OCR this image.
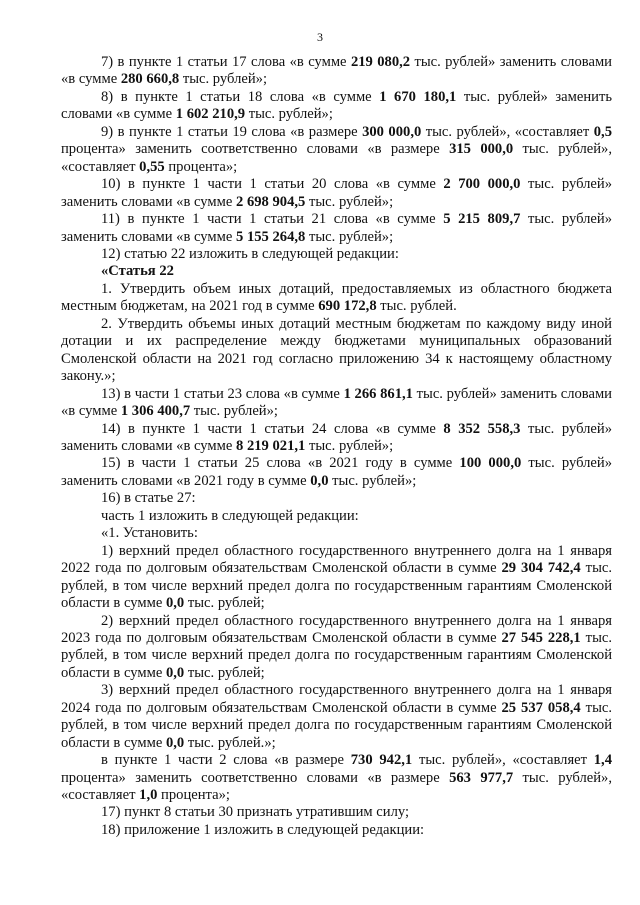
3

7) в пункте 1 статьи 17 слова «в сумме 219 080,2 тыс. рублей» заменить словами «в сумме 280 660,8 тыс. рублей»;

8) в пункте 1 статьи 18 слова «в сумме 1 670 180,1 тыс. рублей» заменить словами «в сумме 1 602 210,9 тыс. рублей»;

9) в пункте 1 статьи 19 слова «в размере 300 000,0 тыс. рублей», «составляет 0,5 процента» заменить соответственно словами «в размере 315 000,0 тыс. рублей», «составляет 0,55 процента»;

10) в пункте 1 части 1 статьи 20 слова «в сумме 2 700 000,0 тыс. рублей» заменить словами «в сумме 2 698 904,5 тыс. рублей»;

11) в пункте 1 части 1 статьи 21 слова «в сумме 5 215 809,7 тыс. рублей» заменить словами «в сумме 5 155 264,8 тыс. рублей»;

12) статью 22 изложить в следующей редакции:

«Статья 22

1. Утвердить объем иных дотаций, предоставляемых из областного бюджета местным бюджетам, на 2021 год в сумме 690 172,8 тыс. рублей.

2. Утвердить объемы иных дотаций местным бюджетам по каждому виду иной дотации и их распределение между бюджетами муниципальных образований Смоленской области на 2021 год согласно приложению 34 к настоящему областному закону.»;

13) в части 1 статьи 23 слова «в сумме 1 266 861,1 тыс. рублей» заменить словами «в сумме 1 306 400,7 тыс. рублей»;

14) в пункте 1 части 1 статьи 24 слова «в сумме 8 352 558,3 тыс. рублей» заменить словами «в сумме 8 219 021,1 тыс. рублей»;

15) в части 1 статьи 25 слова «в 2021 году в сумме 100 000,0 тыс. рублей» заменить словами «в 2021 году в сумме 0,0 тыс. рублей»;

16) в статье 27:

часть 1 изложить в следующей редакции:

«1. Установить:

1) верхний предел областного государственного внутреннего долга на 1 января 2022 года по долговым обязательствам Смоленской области в сумме 29 304 742,4 тыс. рублей, в том числе верхний предел долга по государственным гарантиям Смоленской области в сумме 0,0 тыс. рублей;

2) верхний предел областного государственного внутреннего долга на 1 января 2023 года по долговым обязательствам Смоленской области в сумме 27 545 228,1 тыс. рублей, в том числе верхний предел долга по государственным гарантиям Смоленской области в сумме 0,0 тыс. рублей;

3) верхний предел областного государственного внутреннего долга на 1 января 2024 года по долговым обязательствам Смоленской области в сумме 25 537 058,4 тыс. рублей, в том числе верхний предел долга по государственным гарантиям Смоленской области в сумме 0,0 тыс. рублей.»;

в пункте 1 части 2 слова «в размере 730 942,1 тыс. рублей», «составляет 1,4 процента» заменить соответственно словами «в размере 563 977,7 тыс. рублей», «составляет 1,0 процента»;

17) пункт 8 статьи 30 признать утратившим силу;

18) приложение 1 изложить в следующей редакции:
